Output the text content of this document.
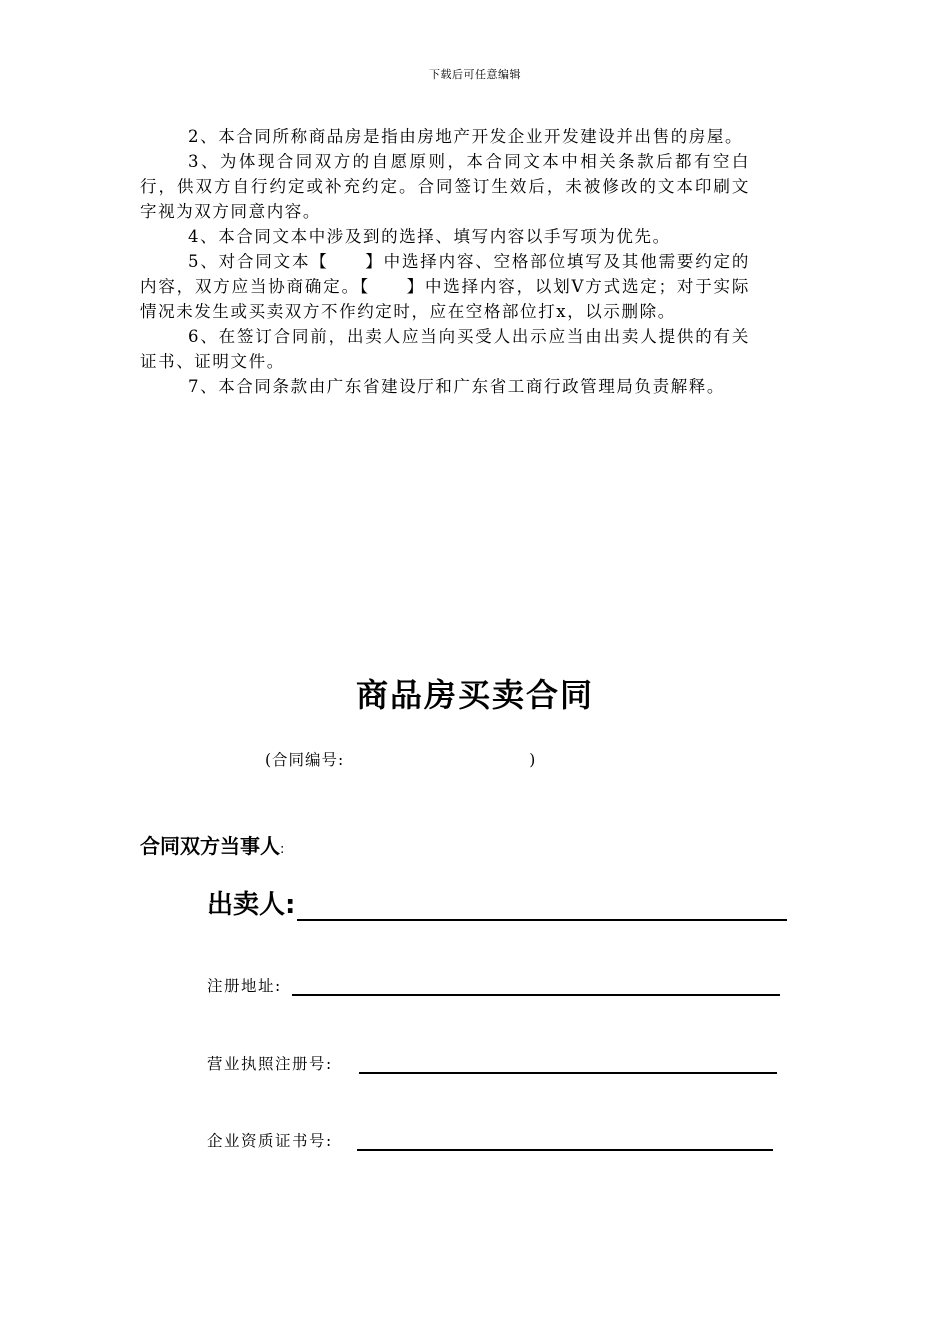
下载后可任意编辑

2、本合同所称商品房是指由房地产开发企业开发建设并出售的房屋。

3、为体现合同双方的自愿原则，本合同文本中相关条款后都有空白行，供双方自行约定或补充约定。合同签订生效后，未被修改的文本印刷文字视为双方同意内容。

4、本合同文本中涉及到的选择、填写内容以手写项为优先。

5、对合同文本【　　】中选择内容、空格部位填写及其他需要约定的内容，双方应当协商确定。【　　】中选择内容，以划V方式选定；对于实际情况未发生或买卖双方不作约定时，应在空格部位打x，以示删除。

6、在签订合同前，出卖人应当向买受人出示应当由出卖人提供的有关证书、证明文件。

7、本合同条款由广东省建设厅和广东省工商行政管理局负责解释。

商品房买卖合同
(合同编号:	)
合同双方当事人:
出卖人:
注册地址:
营业执照注册号:
企业资质证书号:
